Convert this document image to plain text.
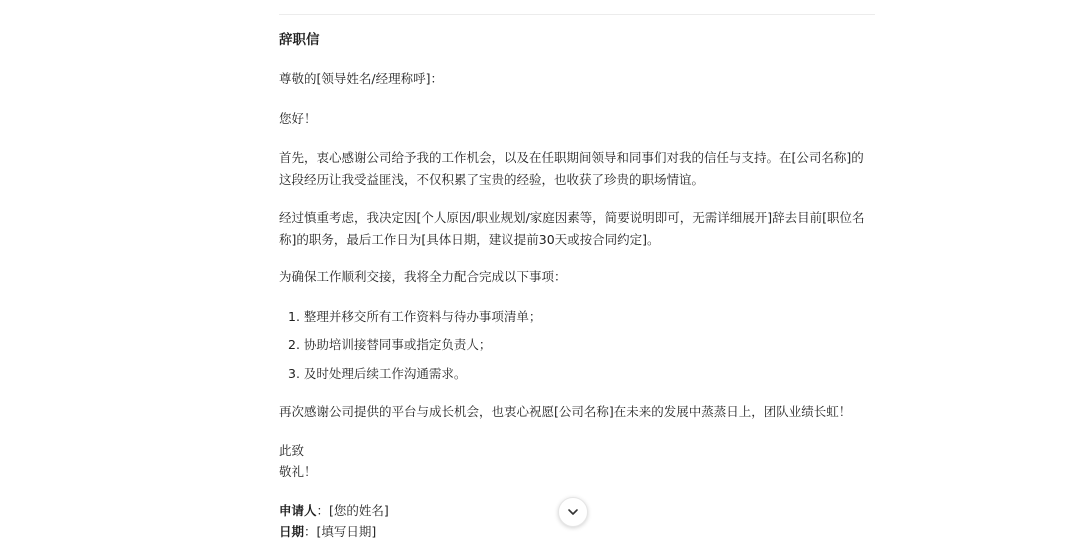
辞职信
尊敬的[领导姓名/经理称呼]：
您好！
首先，衷心感谢公司给予我的工作机会，以及在任职期间领导和同事们对我的信任与支持。在[公司名称]的这段经历让我受益匪浅，不仅积累了宝贵的经验，也收获了珍贵的职场情谊。
经过慎重考虑，我决定因[个人原因/职业规划/家庭因素等，简要说明即可，无需详细展开]辞去目前[职位名称]的职务，最后工作日为[具体日期，建议提前30天或按合同约定]。
为确保工作顺利交接，我将全力配合完成以下事项：
1. 整理并移交所有工作资料与待办事项清单；
2. 协助培训接替同事或指定负责人；
3. 及时处理后续工作沟通需求。
再次感谢公司提供的平台与成长机会，也衷心祝愿[公司名称]在未来的发展中蒸蒸日上，团队业绩长虹！
此致
敬礼！
申请人：[您的姓名]
日期：[填写日期]
